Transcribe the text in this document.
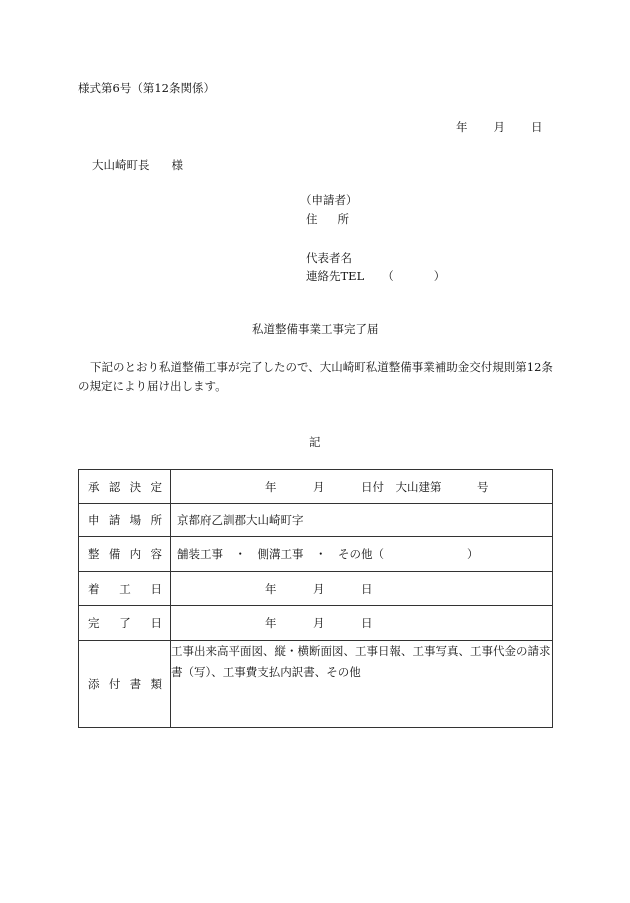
様式第6号（第12条関係）
年 月 日
大山崎町長 様
（申請者）
住 所
代表者名
連絡先TEL （	）
私道整備事業工事完了届
下記のとおり私道整備工事が完了したので、大山崎町私道整備事業補助金交付規則第12条の規定により届け出します。
記
承 認 決 定	年 月 日付　大山建第 号

申 請 場 所	京都府乙訓郡大山崎町字

整 備 内 容	舗装工事　・　側溝工事　・　その他（ ）

着 工 日	年 月 日

完 了 日	年 月 日

添 付 書 類	工事出来高平面図、縦・横断面図、工事日報、工事写真、工事代金の請求書（写）、工事費支払内訳書、その他
